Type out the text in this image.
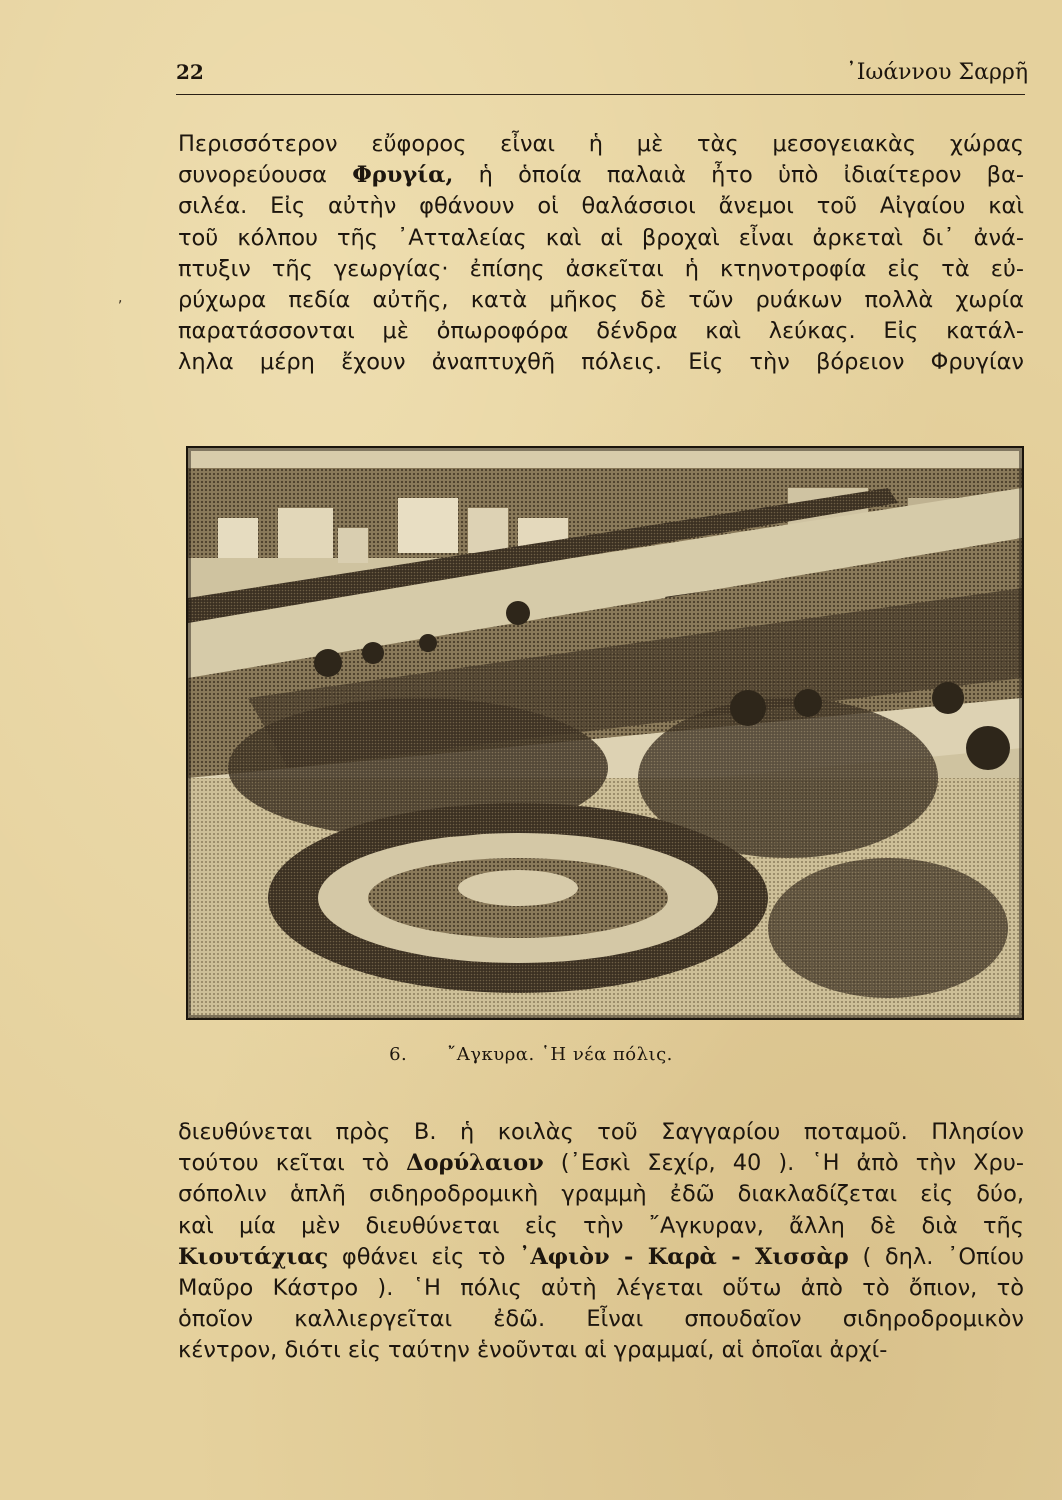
22	᾽Ιωάννου Σαρρῆ
,

Περισσότερον εὔφορος εἶναι ἡ μὲ τὰς μεσογειακὰς χώρας
συνορεύουσα Φρυγία, ἡ ὁποία παλαιὰ ἦτο ὑπὸ ἰδιαίτερον βα-
σιλέα. Εἰς αὐτὴν φθάνουν οἱ θαλάσσιοι ἄνεμοι τοῦ Αἰγαίου καὶ
τοῦ κόλπου τῆς ᾽Ατταλείας καὶ αἱ βροχαὶ εἶναι ἀρκεταὶ δι᾽ ἀνά-
πτυξιν τῆς γεωργίας· ἐπίσης ἀσκεῖται ἡ κτηνοτροφία εἰς τὰ εὐ-
ρύχωρα πεδία αὐτῆς, κατὰ μῆκος δὲ τῶν ρυάκων πολλὰ χωρία
παρατάσσονται μὲ ὀπωροφόρα δένδρα καὶ λεύκας. Εἰς κατάλ-
ληλα μέρη ἔχουν ἀναπτυχθῆ πόλεις. Εἰς τὴν βόρειον Φρυγίαν

6. ῎Αγκυρα. ῾Η νέα πόλις.

διευθύνεται πρὸς Β. ἡ κοιλὰς τοῦ Σαγγαρίου ποταμοῦ. Πλησίον
τούτου κεῖται τὸ Δορύλαιον (᾽Εσκὶ Σεχίρ, 40 ). ῾Η ἀπὸ τὴν Χρυ-
σόπολιν ἁπλῆ σιδηροδρομικὴ γραμμὴ ἐδῶ διακλαδίζεται εἰς δύο,
καὶ μία μὲν διευθύνεται εἰς τὴν ῎Αγκυραν, ἄλλη δὲ διὰ τῆς
Κιουτάχιας φθάνει εἰς τὸ ᾽Αφιὸν - Καρὰ - Χισσὰρ ( δηλ. ᾽Οπίου
Μαῦρο Κάστρο ). ῾Η πόλις αὐτὴ λέγεται οὕτω ἀπὸ τὸ ὄπιον, τὸ
ὁποῖον καλλιεργεῖται ἐδῶ. Εἶναι σπουδαῖον σιδηροδρομικὸν
κέντρον, διότι εἰς ταύτην ἑνοῦνται αἱ γραμμαί, αἱ ὁποῖαι ἀρχί-
